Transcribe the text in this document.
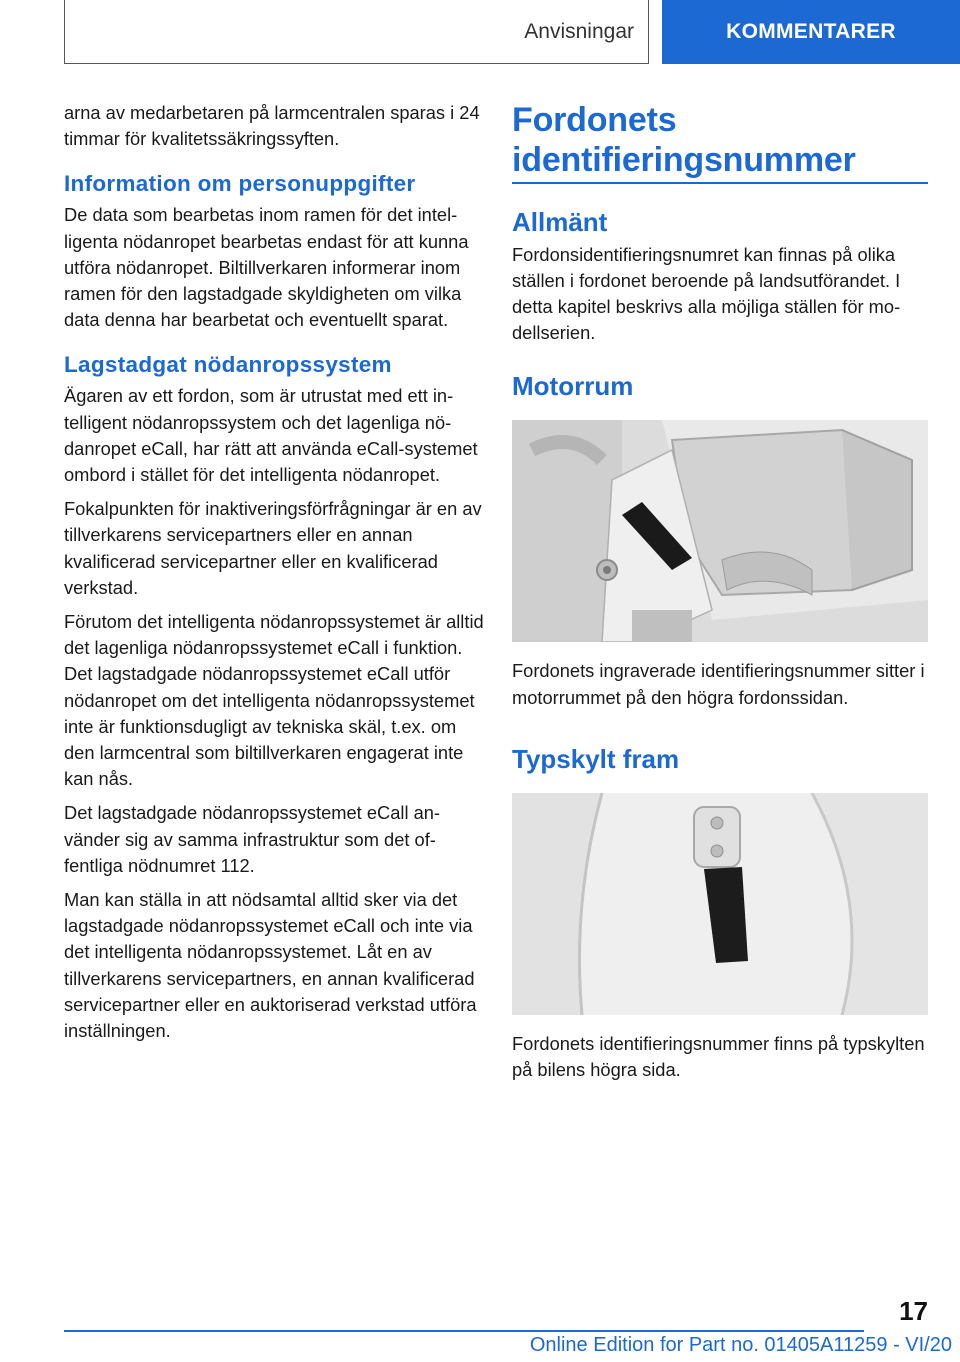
Anvisningar	KOMMENTARER

arna av medarbetaren på larmcentralen sparas i 24 timmar för kvalitetssäkringssyften.

Information om personuppgifter

De data som bearbetas inom ramen för det intelligenta nödanropet bearbetas endast för att kunna utföra nödanropet. Biltillverkaren informerar inom ramen för den lagstadgade skyldigheten om vilka data denna har bearbetat och eventuellt sparat.

Lagstadgat nödanropssystem

Ägaren av ett fordon, som är utrustat med ett intelligent nödanropssystem och det lagenliga nödanropet eCall, har rätt att använda eCall-systemet ombord i stället för det intelligenta nödanropet.

Fokalpunkten för inaktiveringsförfrågningar är en av tillverkarens servicepartners eller en annan kvalificerad servicepartner eller en kvalificerad verkstad.

Förutom det intelligenta nödanropssystemet är alltid det lagenliga nödanropssystemet eCall i funktion. Det lagstadgade nödanropssystemet eCall utför nödanropet om det intelligenta nödanropssystemet inte är funktionsdugligt av tekniska skäl, t.ex. om den larmcentral som biltillverkaren engagerat inte kan nås.

Det lagstadgade nödanropssystemet eCall använder sig av samma infrastruktur som det offentliga nödnumret 112.

Man kan ställa in att nödsamtal alltid sker via det lagstadgade nödanropssystemet eCall och inte via det intelligenta nödanropssystemet. Låt en av tillverkarens servicepartners, en annan kvalificerad servicepartner eller en auktoriserad verkstad utföra inställningen.

Fordonets identifieringsnummer
Allmänt

Fordonsidentifieringsnumret kan finnas på olika ställen i fordonet beroende på landsutförandet. I detta kapitel beskrivs alla möjliga ställen för modellserien.

Motorrum

Fordonets ingraverade identifieringsnummer sitter i motorrummet på den högra fordonssidan.

Typskylt fram

Fordonets identifieringsnummer finns på typskylten på bilens högra sida.

17
Online Edition for Part no. 01405A11259 - VI/20
